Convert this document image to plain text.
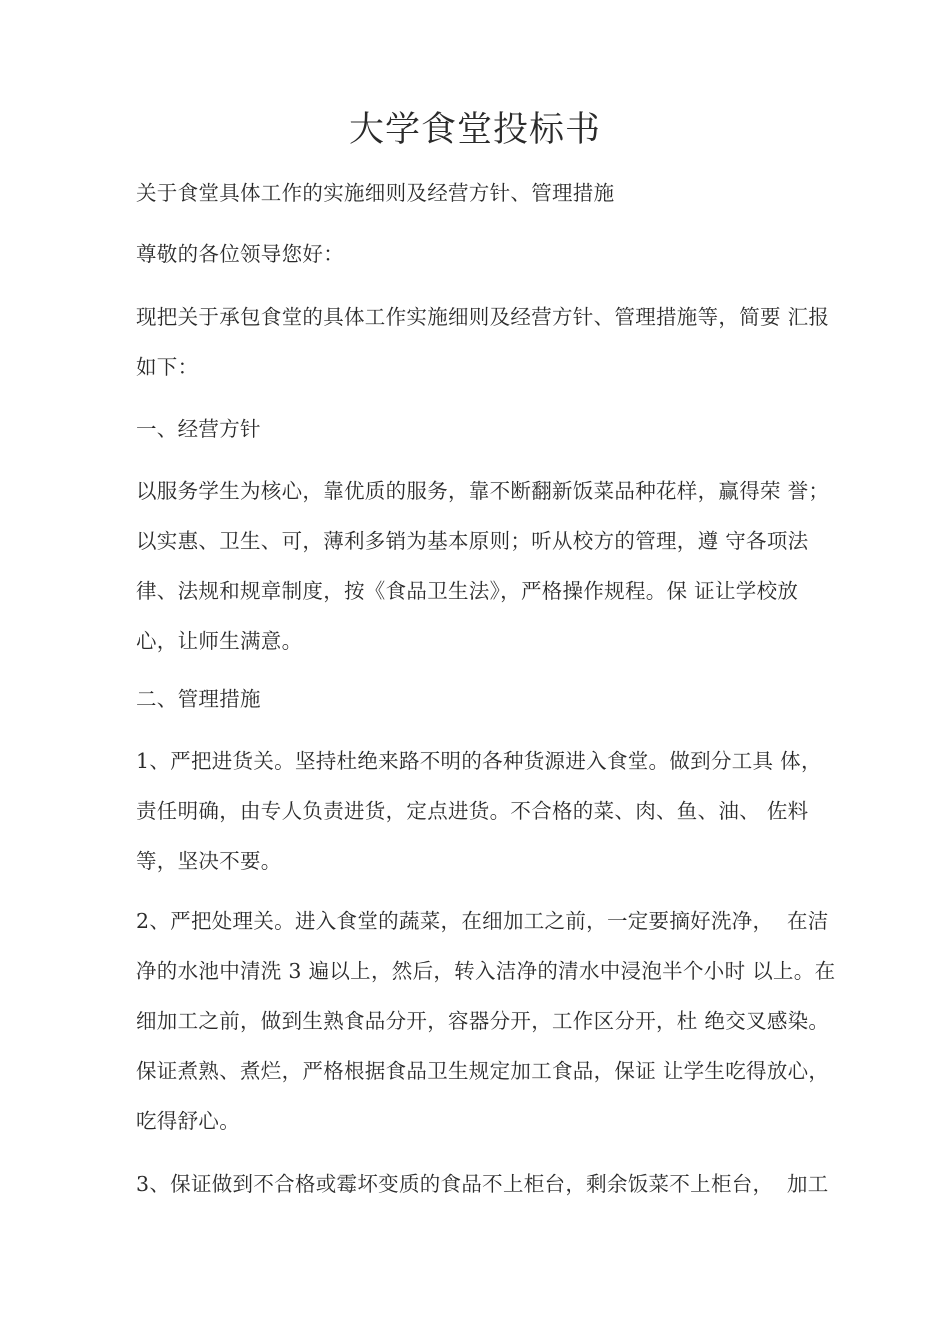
大学食堂投标书

关于食堂具体工作的实施细则及经营方针、管理措施

尊敬的各位领导您好：

现把关于承包食堂的具体工作实施细则及经营方针、管理措施等，简要 汇报
如下：

一、经营方针

以服务学生为核心，靠优质的服务，靠不断翻新饭菜品种花样，赢得荣 誉；
以实惠、卫生、可，薄利多销为基本原则；听从校方的管理，遵 守各项法
律、法规和规章制度，按《食品卫生法》，严格操作规程。保 证让学校放
心，让师生满意。

二、管理措施

1、严把进货关。坚持杜绝来路不明的各种货源进入食堂。做到分工具 体，
责任明确，由专人负责进货，定点进货。不合格的菜、肉、鱼、油、 佐料
等，坚决不要。

2、严把处理关。进入食堂的蔬菜，在细加工之前，一定要摘好洗净，  在洁
净的水池中清洗 3 遍以上，然后，转入洁净的清水中浸泡半个小时 以上。在
细加工之前，做到生熟食品分开，容器分开，工作区分开，杜 绝交叉感染。
保证煮熟、煮烂，严格根据食品卫生规定加工食品，保证 让学生吃得放心，
吃得舒心。

3、保证做到不合格或霉坏变质的食品不上柜台，剩余饭菜不上柜台，  加工
